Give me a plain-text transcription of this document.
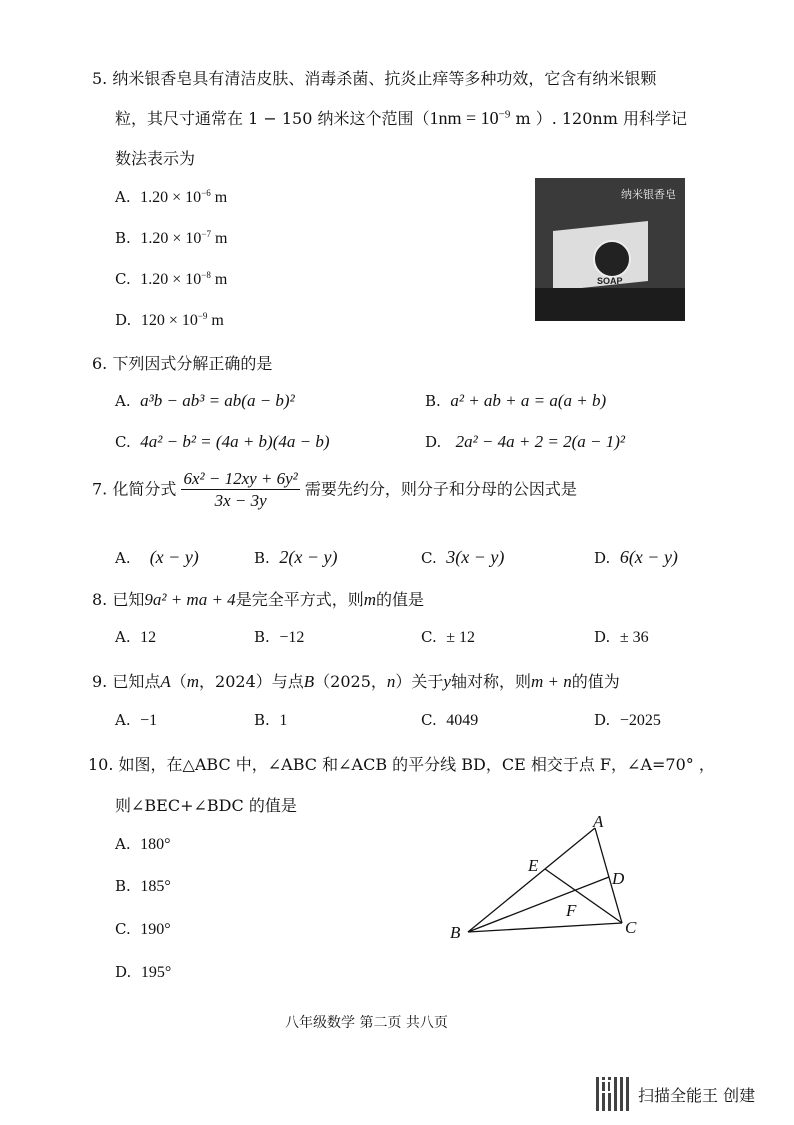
5. 纳米银香皂具有清洁皮肤、消毒杀菌、抗炎止痒等多种功效，它含有纳米银颗
粒，其尺寸通常在 1 − 150 纳米这个范围（$1nm = 10^{-9}$ m ）. 120nm 用科学记
数法表示为
A. $1.20 \times 10^{-6}$ m
B. $1.20 \times 10^{-7}$ m
C. $1.20 \times 10^{-8}$ m
D. $120 \times 10^{-9}$ m
纳米银香皂
SOAP
6. 下列因式分解正确的是
A. a³b − ab³ = ab(a − b)²	B. a² + ab + a = a(a + b)
C. 4a² − b² = (4a + b)(4a − b)	D. 2a² − 4a + 2 = 2(a − 1)²
7. 化简分式 $\frac{\text{6x² − 12xy + 6y²}}{3x - 3y}$ 需要先约分，则分子和分母的公因式是
A. (x − y)	B. 2(x − y)	C. 3(x − y)	D. 6(x − y)
8. 已知9a² + ma + 4是完全平方式，则m的值是
A. 12	B. −12	C. ± 12	D. ± 36
9. 已知点A（m，2024）与点B（2025，n）关于y轴对称，则m + n的值为
A. −1	B. 1	C. 4049	D. −2025
10. 如图，在△ABC 中，∠ABC 和∠ACB 的平分线 BD，CE 相交于点 F，∠A=70° ，
则∠BEC+∠BDC 的值是
A. 180°
B. 185°
C. 190°
D. 195°
A
B	C
D
E
F
八年级数学 第二页 共八页
扫描全能王 创建
